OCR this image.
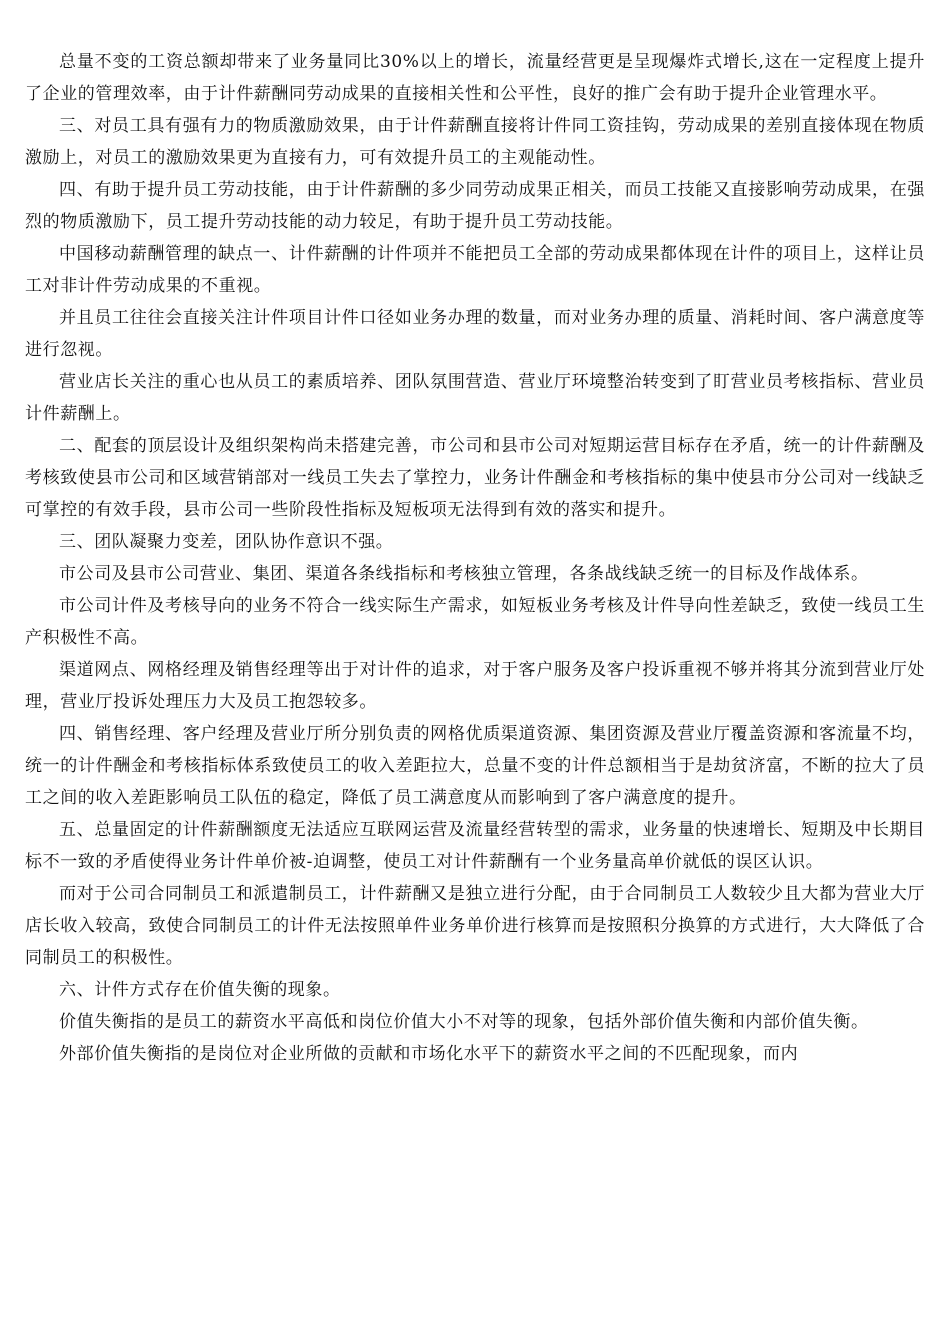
总量不变的工资总额却带来了业务量同比30%以上的增长，流量经营更是呈现爆炸式增长,这在一定程度上提升了企业的管理效率，由于计件薪酬同劳动成果的直接相关性和公平性，良好的推广会有助于提升企业管理水平。

三、对员工具有强有力的物质激励效果，由于计件薪酬直接将计件同工资挂钩，劳动成果的差别直接体现在物质激励上，对员工的激励效果更为直接有力，可有效提升员工的主观能动性。

四、有助于提升员工劳动技能，由于计件薪酬的多少同劳动成果正相关，而员工技能又直接影响劳动成果，在强烈的物质激励下，员工提升劳动技能的动力较足，有助于提升员工劳动技能。

中国移动薪酬管理的缺点一、计件薪酬的计件项并不能把员工全部的劳动成果都体现在计件的项目上，这样让员工对非计件劳动成果的不重视。

并且员工往往会直接关注计件项目计件口径如业务办理的数量，而对业务办理的质量、消耗时间、客户满意度等进行忽视。

营业店长关注的重心也从员工的素质培养、团队氛围营造、营业厅环境整治转变到了盯营业员考核指标、营业员计件薪酬上。

二、配套的顶层设计及组织架构尚未搭建完善，市公司和县市公司对短期运营目标存在矛盾，统一的计件薪酬及考核致使县市公司和区域营销部对一线员工失去了掌控力，业务计件酬金和考核指标的集中使县市分公司对一线缺乏可掌控的有效手段，县市公司一些阶段性指标及短板项无法得到有效的落实和提升。

三、团队凝聚力变差，团队协作意识不强。

市公司及县市公司营业、集团、渠道各条线指标和考核独立管理，各条战线缺乏统一的目标及作战体系。

市公司计件及考核导向的业务不符合一线实际生产需求，如短板业务考核及计件导向性差缺乏，致使一线员工生产积极性不高。

渠道网点、网格经理及销售经理等出于对计件的追求，对于客户服务及客户投诉重视不够并将其分流到营业厅处理，营业厅投诉处理压力大及员工抱怨较多。

四、销售经理、客户经理及营业厅所分别负责的网格优质渠道资源、集团资源及营业厅覆盖资源和客流量不均，统一的计件酬金和考核指标体系致使员工的收入差距拉大，总量不变的计件总额相当于是劫贫济富，不断的拉大了员工之间的收入差距影响员工队伍的稳定，降低了员工满意度从而影响到了客户满意度的提升。

五、总量固定的计件薪酬额度无法适应互联网运营及流量经营转型的需求，业务量的快速增长、短期及中长期目标不一致的矛盾使得业务计件单价被-迫调整，使员工对计件薪酬有一个业务量高单价就低的误区认识。

而对于公司合同制员工和派遣制员工，计件薪酬又是独立进行分配，由于合同制员工人数较少且大都为营业大厅店长收入较高，致使合同制员工的计件无法按照单件业务单价进行核算而是按照积分换算的方式进行，大大降低了合同制员工的积极性。

六、计件方式存在价值失衡的现象。

价值失衡指的是员工的薪资水平高低和岗位价值大小不对等的现象，包括外部价值失衡和内部价值失衡。

外部价值失衡指的是岗位对企业所做的贡献和市场化水平下的薪资水平之间的不匹配现象，而内
